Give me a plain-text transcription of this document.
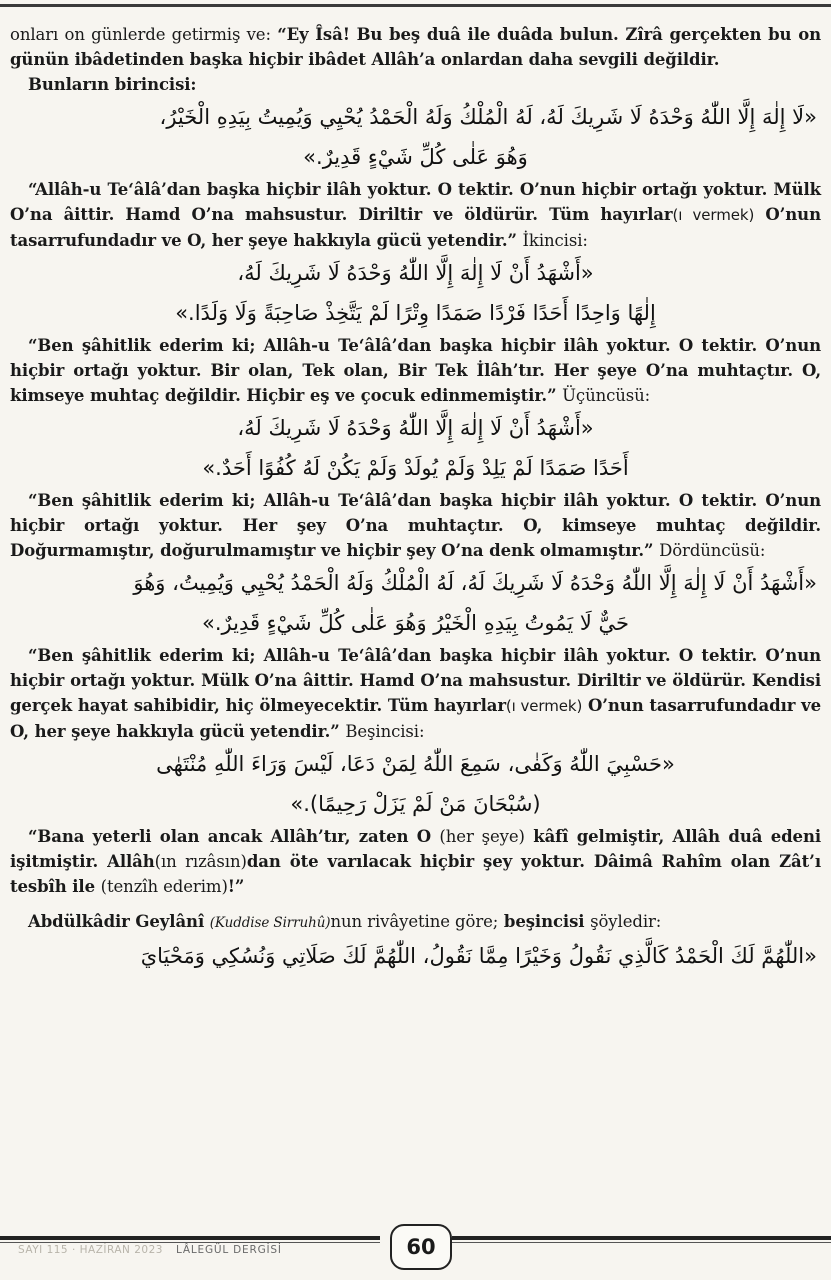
onları on günlerde getirmiş ve: “Ey Îsâ! Bu beş duâ ile duâda bulun. Zîrâ gerçekten bu on günün ibâdetinden başka hiçbir ibâdet Allâh’a onlardan daha sevgili değildir.

Bunların birincisi:

«لَا إِلٰهَ إِلَّا اللّٰهُ وَحْدَهُ لَا شَرِيكَ لَهُ، لَهُ الْمُلْكُ وَلَهُ الْحَمْدُ يُحْيِي وَيُمِيتُ بِيَدِهِ الْخَيْرُ،

وَهُوَ عَلٰى كُلِّ شَيْءٍ قَدِيرٌ.»

“Allâh-u Te‘âlâ’dan başka hiçbir ilâh yoktur. O tektir. O’nun hiçbir ortağı yoktur. Mülk O’na âittir. Hamd O’na mahsustur. Diriltir ve öldürür. Tüm hayırlar(ı vermek) O’nun tasarrufundadır ve O, her şeye hakkıyla gücü yetendir.” İkincisi:

«أَشْهَدُ أَنْ لَا إِلٰهَ إِلَّا اللّٰهُ وَحْدَهُ لَا شَرِيكَ لَهُ،

إِلٰهًا وَاحِدًا أَحَدًا فَرْدًا صَمَدًا وِتْرًا لَمْ يَتَّخِذْ صَاحِبَةً وَلَا وَلَدًا.»

“Ben şâhitlik ederim ki; Allâh-u Te‘âlâ’dan başka hiçbir ilâh yoktur. O tektir. O’nun hiçbir ortağı yoktur. Bir olan, Tek olan, Bir Tek İlâh’tır. Her şeye O’na muhtaçtır. O, kimseye muhtaç değildir. Hiçbir eş ve çocuk edinmemiştir.” Üçüncüsü:

«أَشْهَدُ أَنْ لَا إِلٰهَ إِلَّا اللّٰهُ وَحْدَهُ لَا شَرِيكَ لَهُ،

أَحَدًا صَمَدًا لَمْ يَلِدْ وَلَمْ يُولَدْ وَلَمْ يَكُنْ لَهُ كُفُوًا أَحَدٌ.»

“Ben şâhitlik ederim ki; Allâh-u Te‘âlâ’dan başka hiçbir ilâh yoktur. O tektir. O’nun hiçbir ortağı yoktur. Her şey O’na muhtaçtır. O, kimseye muhtaç değildir. Doğurmamıştır, doğurulmamıştır ve hiçbir şey O’na denk olmamıştır.” Dördüncüsü:

«أَشْهَدُ أَنْ لَا إِلٰهَ إِلَّا اللّٰهُ وَحْدَهُ لَا شَرِيكَ لَهُ، لَهُ الْمُلْكُ وَلَهُ الْحَمْدُ يُحْيِي وَيُمِيتُ، وَهُوَ

حَيٌّ لَا يَمُوتُ بِيَدِهِ الْخَيْرُ وَهُوَ عَلٰى كُلِّ شَيْءٍ قَدِيرٌ.»

“Ben şâhitlik ederim ki; Allâh-u Te‘âlâ’dan başka hiçbir ilâh yoktur. O tektir. O’nun hiçbir ortağı yoktur. Mülk O’na âittir. Hamd O’na mahsustur. Diriltir ve öldürür. Kendisi gerçek hayat sahibidir, hiç ölmeyecektir. Tüm hayırlar(ı vermek) O’nun tasarrufundadır ve O, her şeye hakkıyla gücü yetendir.” Beşincisi:

«حَسْبِيَ اللّٰهُ وَكَفٰى، سَمِعَ اللّٰهُ لِمَنْ دَعَا، لَيْسَ وَرَاءَ اللّٰهِ مُنْتَهٰى

(سُبْحَانَ مَنْ لَمْ يَزَلْ رَحِيمًا).»

“Bana yeterli olan ancak Allâh’tır, zaten O (her şeye) kâfî gelmiştir, Allâh duâ edeni işitmiştir. Allâh(ın rızâsın)dan öte varılacak hiçbir şey yoktur. Dâimâ Rahîm olan Zât’ı tesbîh ile (tenzîh ederim)!”

Abdülkâdir Geylânî (Kuddise Sirruhû)nun rivâyetine göre; beşincisi şöyledir:

«اللّٰهُمَّ لَكَ الْحَمْدُ كَالَّذِي نَقُولُ وَخَيْرًا مِمَّا نَقُولُ، اللّٰهُمَّ لَكَ صَلَاتِي وَنُسُكِي وَمَحْيَايَ

SAYI 115 · HAZİRAN 2023 LÂLEGÜL DERGİSİ	60
